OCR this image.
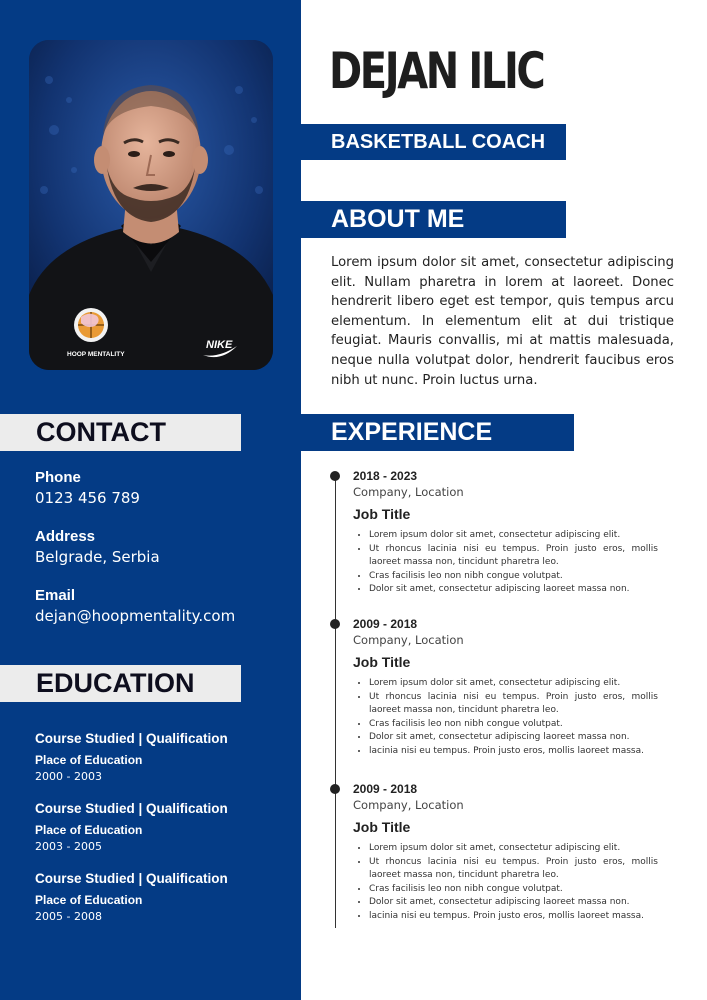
HOOP MENTALITY
NIKE
DEJAN ILIC
BASKETBALL COACH
ABOUT ME
Lorem ipsum dolor sit amet, consectetur adipiscing elit. Nullam pharetra in lorem at laoreet. Donec hendrerit libero eget est tempor, quis tempus arcu elementum. In elementum elit at dui tristique feugiat. Mauris convallis, mi at mattis malesuada, neque nulla volutpat dolor, hendrerit faucibus eros nibh ut nunc. Proin luctus urna.
CONTACT
Phone
0123 456 789
Address
Belgrade, Serbia
Email
dejan@hoopmentality.com
EDUCATION
Course Studied | Qualification
Place of Education
2000 - 2003
Course Studied | Qualification
Place of Education
2003 - 2005
Course Studied | Qualification
Place of Education
2005 - 2008
EXPERIENCE
2018 - 2023
Company, Location
Job Title
• Lorem ipsum dolor sit amet, consectetur adipiscing elit.
• Ut rhoncus lacinia nisi eu tempus. Proin justo eros, mollis laoreet massa non, tincidunt pharetra leo.
• Cras facilisis leo non nibh congue volutpat.
• Dolor sit amet, consectetur adipiscing laoreet massa non.
2009 - 2018
Company, Location
Job Title
• Lorem ipsum dolor sit amet, consectetur adipiscing elit.
• Ut rhoncus lacinia nisi eu tempus. Proin justo eros, mollis laoreet massa non, tincidunt pharetra leo.
• Cras facilisis leo non nibh congue volutpat.
• Dolor sit amet, consectetur adipiscing laoreet massa non.
• lacinia nisi eu tempus. Proin justo eros, mollis laoreet massa.
2009 - 2018
Company, Location
Job Title
• Lorem ipsum dolor sit amet, consectetur adipiscing elit.
• Ut rhoncus lacinia nisi eu tempus. Proin justo eros, mollis laoreet massa non, tincidunt pharetra leo.
• Cras facilisis leo non nibh congue volutpat.
• Dolor sit amet, consectetur adipiscing laoreet massa non.
• lacinia nisi eu tempus. Proin justo eros, mollis laoreet massa.
